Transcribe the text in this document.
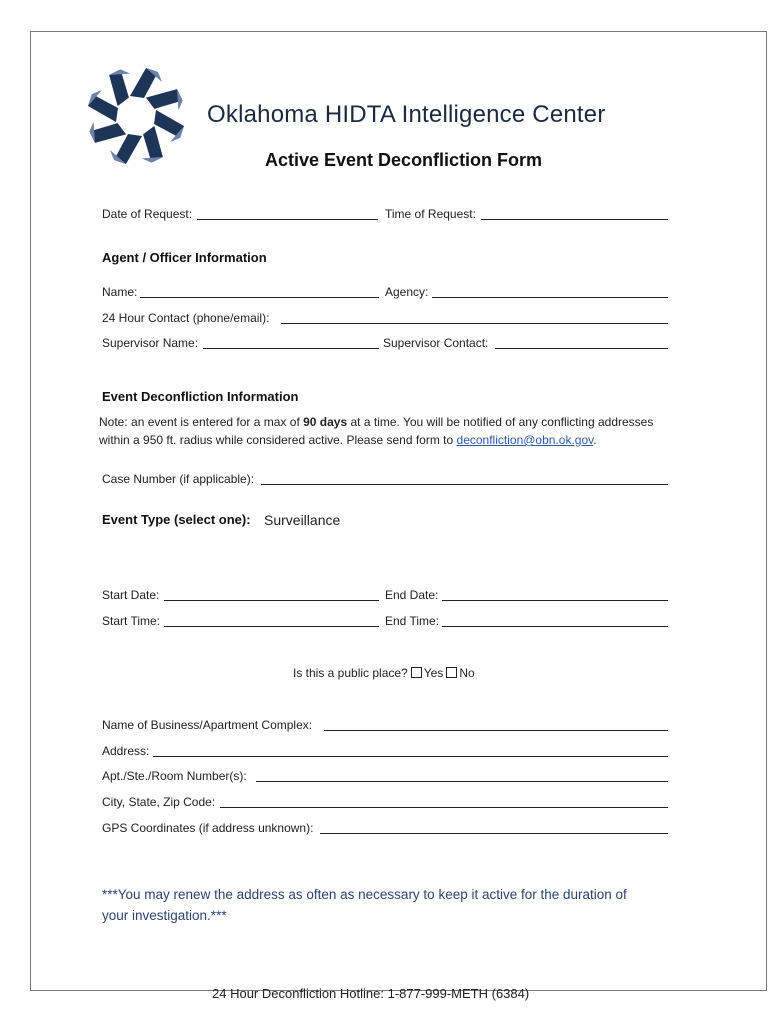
Oklahoma HIDTA Intelligence Center
Active Event Deconfliction Form
Date of Request:	Time of Request:
Agent / Officer Information
Name:	Agency:
24 Hour Contact (phone/email):
Supervisor Name:	Supervisor Contact:
Event Deconfliction Information
Note: an event is entered for a max of 90 days at a time. You will be notified of any conflicting addresses
within a 950 ft. radius while considered active. Please send form to deconfliction@obn.ok.gov.
Case Number (if applicable):
Event Type (select one): Surveillance
Start Date:	End Date:
Start Time:	End Time:
Is this a public place? Yes No
Name of Business/Apartment Complex:
Address:
Apt./Ste./Room Number(s):
City, State, Zip Code:
GPS Coordinates (if address unknown):
***You may renew the address as often as necessary to keep it active for the duration of
your investigation.***
24 Hour Deconfliction Hotline: 1-877-999-METH (6384)
